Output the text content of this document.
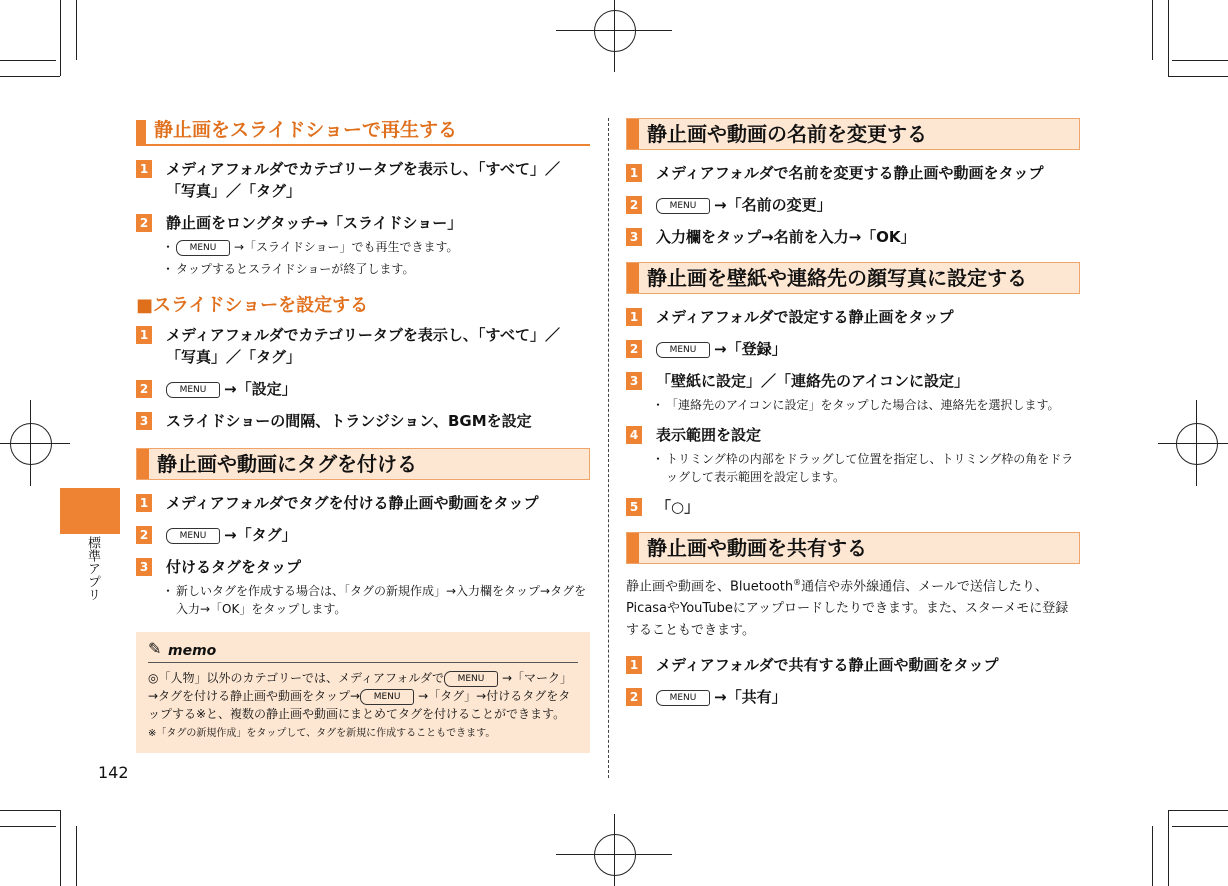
標準アプリ
142
静止画をスライドショーで再生する
1 メディアフォルダでカテゴリータブを表示し、「すべて」／「写真」／「タグ」
2 静止画をロングタッチ→「スライドショー」
・ MENU →「スライドショー」でも再生できます。
・ タップするとスライドショーが終了します。
■スライドショーを設定する
1 メディアフォルダでカテゴリータブを表示し、「すべて」／「写真」／「タグ」
2	MENU →「設定」
3 スライドショーの間隔、トランジション、BGMを設定
静止画や動画にタグを付ける
1 メディアフォルダでタグを付ける静止画や動画をタップ
2	MENU →「タグ」
3 付けるタグをタップ
・ 新しいタグを作成する場合は、「タグの新規作成」→入力欄をタップ→タグを入力→「OK」をタップします。
✎ memo
◎「人物」以外のカテゴリーでは、メディアフォルダで MENU →「マーク」→タグを付ける静止画や動画をタップ→ MENU →「タグ」→付けるタグをタップする※と、複数の静止画や動画にまとめてタグを付けることができます。
※「タグの新規作成」をタップして、タグを新規に作成することもできます。
静止画や動画の名前を変更する
1 メディアフォルダで名前を変更する静止画や動画をタップ
2	MENU →「名前の変更」
3 入力欄をタップ→名前を入力→「OK」
静止画を壁紙や連絡先の顔写真に設定する
1 メディアフォルダで設定する静止画をタップ
2	MENU →「登録」
3 「壁紙に設定」／「連絡先のアイコンに設定」
・ 「連絡先のアイコンに設定」をタップした場合は、連絡先を選択します。
4 表示範囲を設定
・ トリミング枠の内部をドラッグして位置を指定し、トリミング枠の角をドラッグして表示範囲を設定します。
5 「○」
静止画や動画を共有する
静止画や動画を、Bluetooth®通信や赤外線通信、メールで送信したり、PicasaやYouTubeにアップロードしたりできます。また、スターメモに登録することもできます。
1 メディアフォルダで共有する静止画や動画をタップ
2	MENU →「共有」
